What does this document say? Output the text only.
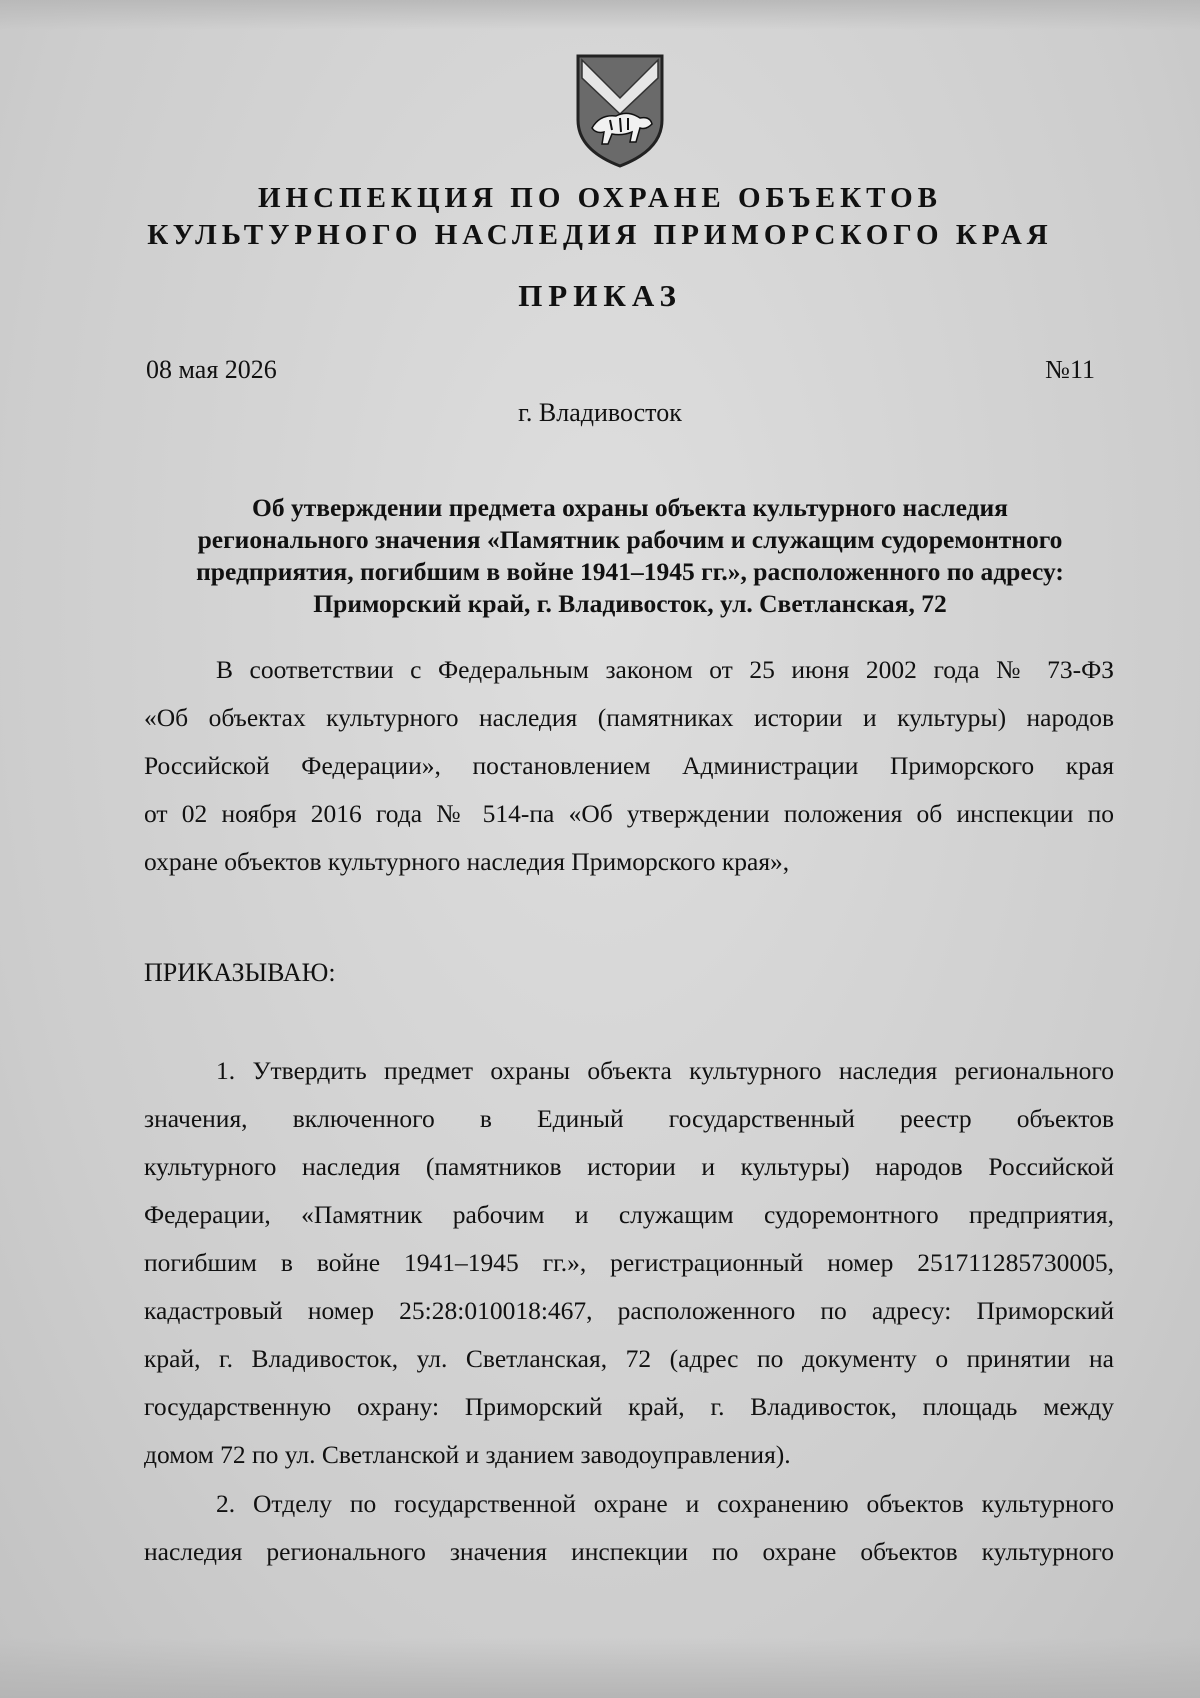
ИНСПЕКЦИЯ ПО ОХРАНЕ ОБЪЕКТОВ
КУЛЬТУРНОГО НАСЛЕДИЯ ПРИМОРСКОГО КРАЯ
ПРИКАЗ
08 мая 2026	№11
г. Владивосток
Об утверждении предмета охраны объекта культурного наследия
регионального значения «Памятник рабочим и служащим судоремонтного
предприятия, погибшим в войне 1941–1945 гг.», расположенного по адресу:
Приморский край, г. Владивосток, ул. Светланская, 72
В соответствии с Федеральным законом от 25 июня 2002 года № 73-ФЗ
«Об объектах культурного наследия (памятниках истории и культуры) народов
Российской Федерации», постановлением Администрации Приморского края
от 02 ноября 2016 года № 514-па «Об утверждении положения об инспекции по
охране объектов культурного наследия Приморского края»,
ПРИКАЗЫВАЮ:
1. Утвердить предмет охраны объекта культурного наследия регионального
значения, включенного в Единый государственный реестр объектов
культурного наследия (памятников истории и культуры) народов Российской
Федерации, «Памятник рабочим и служащим судоремонтного предприятия,
погибшим в войне 1941–1945 гг.», регистрационный номер 251711285730005,
кадастровый номер 25:28:010018:467, расположенного по адресу: Приморский
край, г. Владивосток, ул. Светланская, 72 (адрес по документу о принятии на
государственную охрану: Приморский край, г. Владивосток, площадь между
домом 72 по ул. Светланской и зданием заводоуправления).
2. Отделу по государственной охране и сохранению объектов культурного
наследия регионального значения инспекции по охране объектов культурного
